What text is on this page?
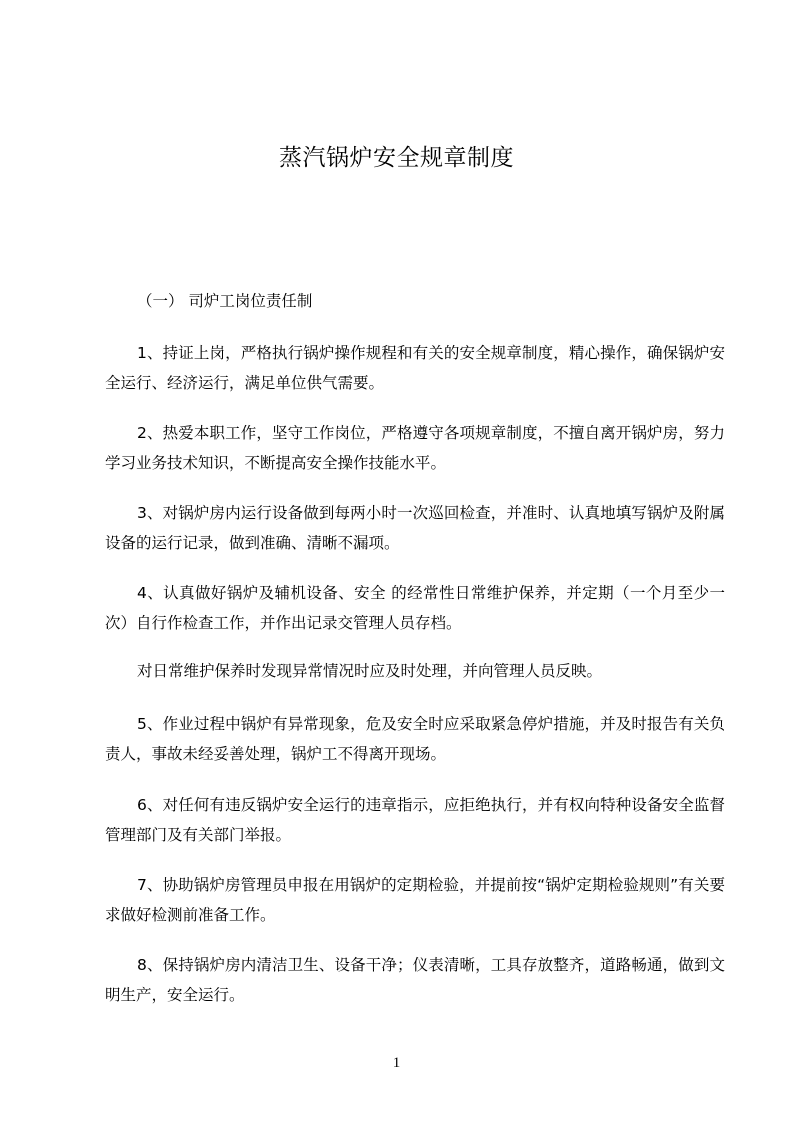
蒸汽锅炉安全规章制度
（一） 司炉工岗位责任制

1、持证上岗，严格执行锅炉操作规程和有关的安全规章制度，精心操作，确保锅炉安全运行、经济运行，满足单位供气需要。

2、热爱本职工作，坚守工作岗位，严格遵守各项规章制度，不擅自离开锅炉房，努力学习业务技术知识，不断提高安全操作技能水平。

3、对锅炉房内运行设备做到每两小时一次巡回检查，并准时、认真地填写锅炉及附属设备的运行记录，做到准确、清晰不漏项。

4、认真做好锅炉及辅机设备、安全 的经常性日常维护保养，并定期（一个月至少一次）自行作检查工作，并作出记录交管理人员存档。

对日常维护保养时发现异常情况时应及时处理，并向管理人员反映。

5、作业过程中锅炉有异常现象，危及安全时应采取紧急停炉措施，并及时报告有关负责人，事故未经妥善处理，锅炉工不得离开现场。

6、对任何有违反锅炉安全运行的违章指示，应拒绝执行，并有权向特种设备安全监督管理部门及有关部门举报。

7、协助锅炉房管理员申报在用锅炉的定期检验，并提前按“锅炉定期检验规则”有关要求做好检测前准备工作。

8、保持锅炉房内清洁卫生、设备干净；仪表清晰，工具存放整齐，道路畅通，做到文明生产，安全运行。

1
